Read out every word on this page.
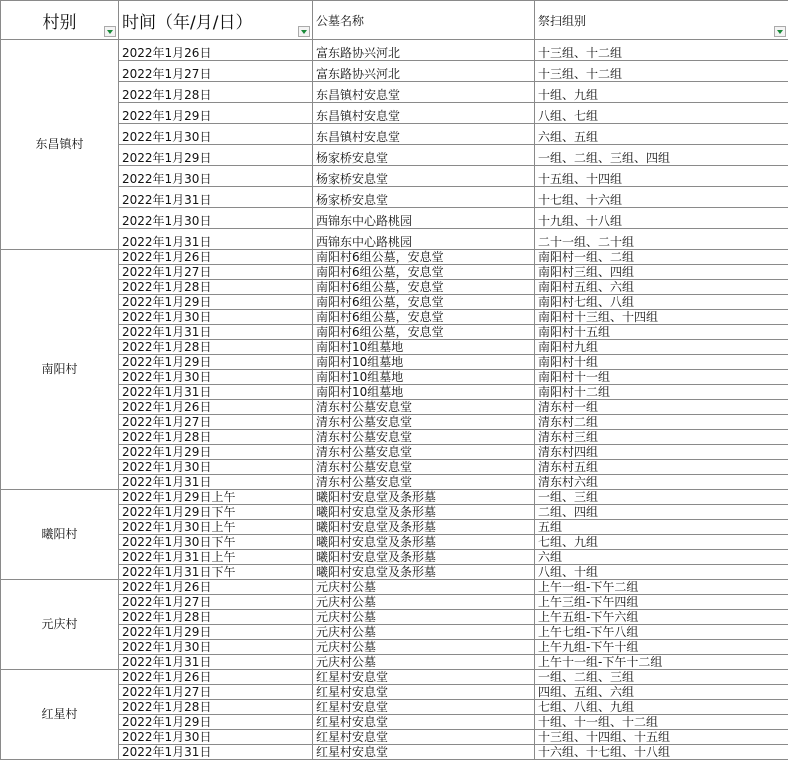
村别	时间（年/月/日）	公墓名称	祭扫组别

东昌镇村	2022年1月26日	富东路协兴河北	十三组、十二组
	2022年1月27日	富东路协兴河北	十三组、十二组
	2022年1月28日	东昌镇村安息堂	十组、九组
	2022年1月29日	东昌镇村安息堂	八组、七组
	2022年1月30日	东昌镇村安息堂	六组、五组
	2022年1月29日	杨家桥安息堂	一组、二组、三组、四组
	2022年1月30日	杨家桥安息堂	十五组、十四组
	2022年1月31日	杨家桥安息堂	十七组、十六组
	2022年1月30日	西锦东中心路桃园	十九组、十八组
	2022年1月31日	西锦东中心路桃园	二十一组、二十组
南阳村	2022年1月26日	南阳村6组公墓，安息堂	南阳村一组、二组
	2022年1月27日	南阳村6组公墓，安息堂	南阳村三组、四组
	2022年1月28日	南阳村6组公墓，安息堂	南阳村五组、六组
	2022年1月29日	南阳村6组公墓，安息堂	南阳村七组、八组
	2022年1月30日	南阳村6组公墓，安息堂	南阳村十三组、十四组
	2022年1月31日	南阳村6组公墓，安息堂	南阳村十五组
	2022年1月28日	南阳村10组墓地	南阳村九组
	2022年1月29日	南阳村10组墓地	南阳村十组
	2022年1月30日	南阳村10组墓地	南阳村十一组
	2022年1月31日	南阳村10组墓地	南阳村十二组
	2022年1月26日	清东村公墓安息堂	清东村一组
	2022年1月27日	清东村公墓安息堂	清东村二组
	2022年1月28日	清东村公墓安息堂	清东村三组
	2022年1月29日	清东村公墓安息堂	清东村四组
	2022年1月30日	清东村公墓安息堂	清东村五组
	2022年1月31日	清东村公墓安息堂	清东村六组
曦阳村	2022年1月29日上午	曦阳村安息堂及条形墓	一组、三组
	2022年1月29日下午	曦阳村安息堂及条形墓	二组、四组
	2022年1月30日上午	曦阳村安息堂及条形墓	五组
	2022年1月30日下午	曦阳村安息堂及条形墓	七组、九组
	2022年1月31日上午	曦阳村安息堂及条形墓	六组
	2022年1月31日下午	曦阳村安息堂及条形墓	八组、十组
元庆村	2022年1月26日	元庆村公墓	上午一组-下午二组
	2022年1月27日	元庆村公墓	上午三组-下午四组
	2022年1月28日	元庆村公墓	上午五组-下午六组
	2022年1月29日	元庆村公墓	上午七组-下午八组
	2022年1月30日	元庆村公墓	上午九组-下午十组
	2022年1月31日	元庆村公墓	上午十一组-下午十二组
红星村	2022年1月26日	红星村安息堂	一组、二组、三组
	2022年1月27日	红星村安息堂	四组、五组、六组
	2022年1月28日	红星村安息堂	七组、八组、九组
	2022年1月29日	红星村安息堂	十组、十一组、十二组
	2022年1月30日	红星村安息堂	十三组、十四组、十五组
	2022年1月31日	红星村安息堂	十六组、十七组、十八组
